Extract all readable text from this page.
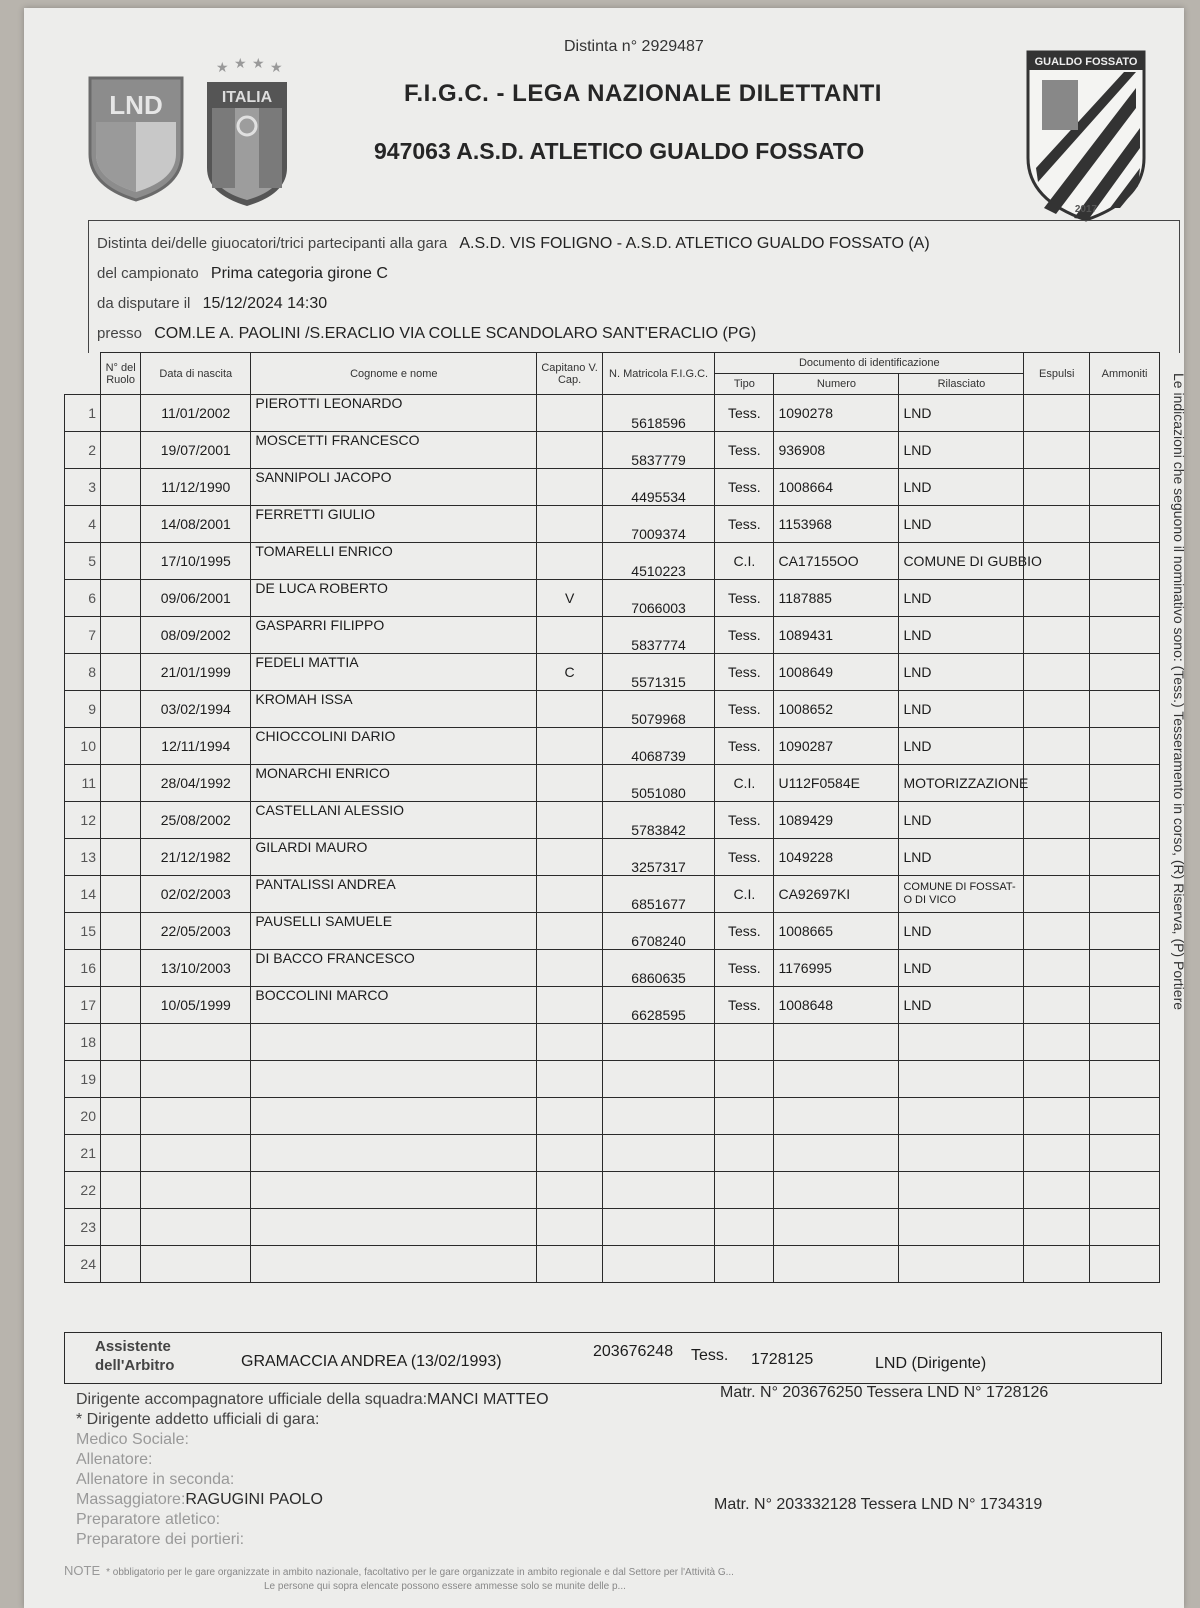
Distinta n° 2929487
F.I.G.C. - LEGA NAZIONALE DILETTANTI
947063 A.S.D. ATLETICO GUALDO FOSSATO
LND
★ ★ ★ ★
ITALIA
GUALDO FOSSATO
2017
Distinta dei/delle giuocatori/trici partecipanti alla gara A.S.D. VIS FOLIGNO - A.S.D. ATLETICO GUALDO FOSSATO (A)
del campionato Prima categoria girone C
da disputare il 15/12/2024 14:30
presso COM.LE A. PAOLINI /S.ERACLIO VIA COLLE SCANDOLARO SANT'ERACLIO (PG)
	N° del Ruolo	Data di nascita	Cognome e nome	Capitano V. Cap.	N. Matricola F.I.G.C.	Documento di identificazione			Espulsi	Ammoniti
						Tipo	Numero	Rilasciato		
1		11/01/2002	PIEROTTI LEONARDO		5618596	Tess.	1090278	LND		
2		19/07/2001	MOSCETTI FRANCESCO		5837779	Tess.	936908	LND		
3		11/12/1990	SANNIPOLI JACOPO		4495534	Tess.	1008664	LND		
4		14/08/2001	FERRETTI GIULIO		7009374	Tess.	1153968	LND		
5		17/10/1995	TOMARELLI ENRICO		4510223	C.I.	CA17155OO	COMUNE DI GUBBIO		
6		09/06/2001	DE LUCA ROBERTO	V	7066003	Tess.	1187885	LND		
7		08/09/2002	GASPARRI FILIPPO		5837774	Tess.	1089431	LND		
8		21/01/1999	FEDELI MATTIA	C	5571315	Tess.	1008649	LND		
9		03/02/1994	KROMAH ISSA		5079968	Tess.	1008652	LND		
10		12/11/1994	CHIOCCOLINI DARIO		4068739	Tess.	1090287	LND		
11		28/04/1992	MONARCHI ENRICO		5051080	C.I.	U112F0584E	MOTORIZZAZIONE		
12		25/08/2002	CASTELLANI ALESSIO		5783842	Tess.	1089429	LND		
13		21/12/1982	GILARDI MAURO		3257317	Tess.	1049228	LND		
14		02/02/2003	PANTALISSI ANDREA		6851677	C.I.	CA92697KI	COMUNE DI FOSSAT-O DI VICO		
15		22/05/2003	PAUSELLI SAMUELE		6708240	Tess.	1008665	LND		
16		13/10/2003	DI BACCO FRANCESCO		6860635	Tess.	1176995	LND		
17		10/05/1999	BOCCOLINI MARCO		6628595	Tess.	1008648	LND		
18										
19										
20										
21										
22										
23										
24										
Assistente
dell'Arbitro	GRAMACCIA ANDREA (13/02/1993)
203676248 Tess. 1728125	LND (Dirigente)
Dirigente accompagnatore ufficiale della squadra:MANCI MATTEO
* Dirigente addetto ufficiali di gara:
Medico Sociale:
Allenatore:
Allenatore in seconda:
Massaggiatore:RAGUGINI PAOLO
Preparatore atletico:
Preparatore dei portieri:
Matr. N° 203676250 Tessera LND N° 1728126
Matr. N° 203332128 Tessera LND N° 1734319
NOTE * obbligatorio per le gare organizzate in ambito nazionale, facoltativo per le gare organizzate in ambito regionale e dal Settore per l'Attività G...
Le persone qui sopra elencate possono essere ammesse solo se munite delle p...
Le indicazioni che seguono il nominativo sono: (Tess.) Tesseramento in corso, (R) Riserva, (P) Portiere
